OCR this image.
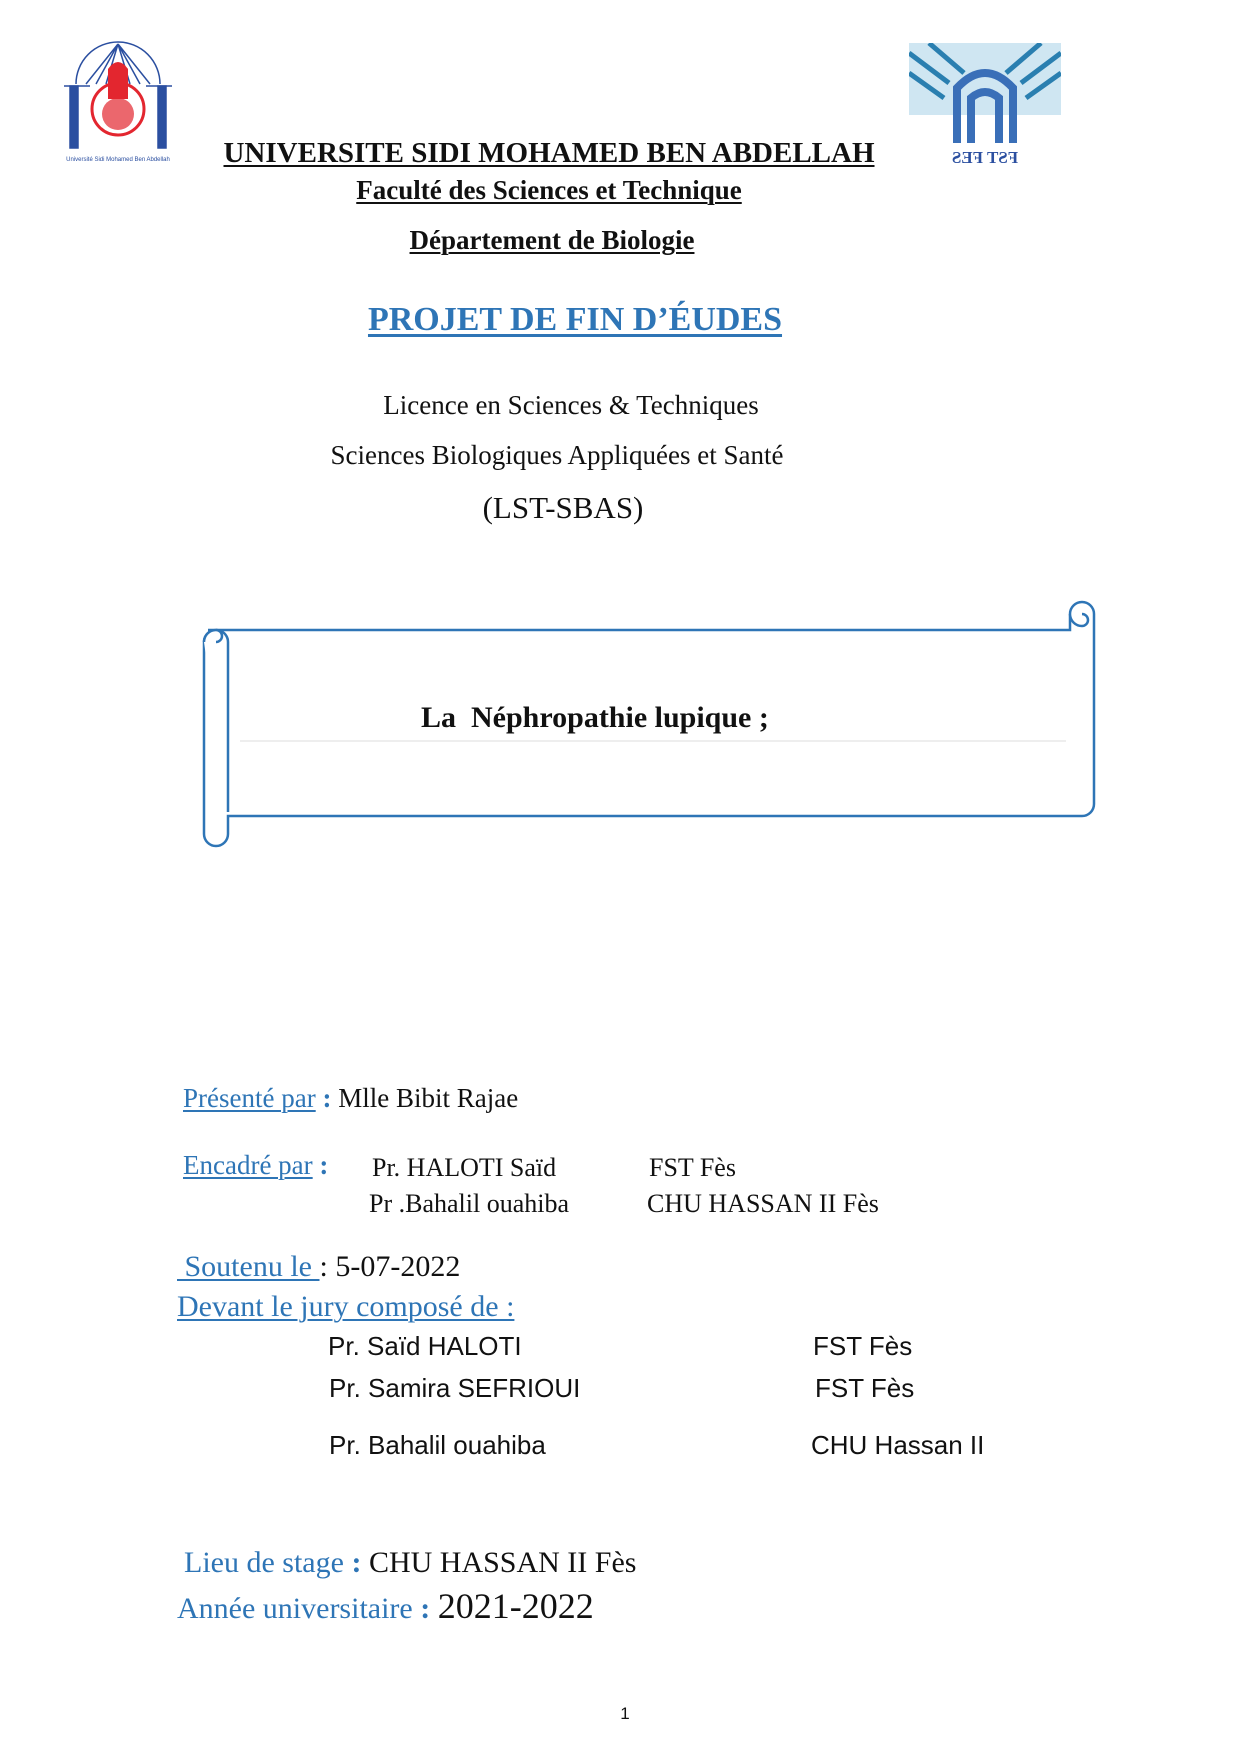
Université Sidi Mohamed Ben Abdellah	FST FES
UNIVERSITE SIDI MOHAMED BEN ABDELLAH
Faculté des Sciences et Technique
Département de Biologie
PROJET DE FIN D’ÉUDES
Licence en Sciences & Techniques
Sciences Biologiques Appliquées et Santé
(LST-SBAS)
La  Néphropathie lupique ;
Présenté par : Mlle Bibit Rajae
Encadré par : Pr. HALOTI Saïd	FST Fès
Pr .Bahalil ouahiba	CHU HASSAN II Fès
Soutenu le : 5-07-2022
Devant le jury composé de :
Pr. Saïd HALOTI	FST Fès
Pr. Samira SEFRIOUI	FST Fès
Pr. Bahalil ouahiba	CHU Hassan II
Lieu de stage : CHU HASSAN II Fès
Année universitaire : 2021-2022
1
